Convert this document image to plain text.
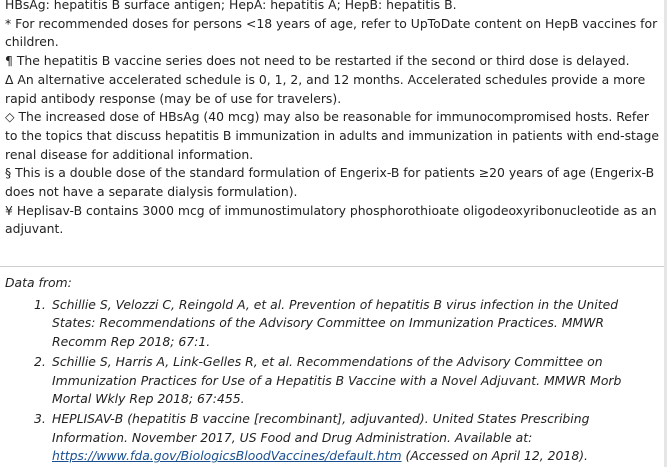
HBsAg: hepatitis B surface antigen; HepA: hepatitis A; HepB: hepatitis B.

* For recommended doses for persons <18 years of age, refer to UpToDate content on HepB vaccines for children.

¶ The hepatitis B vaccine series does not need to be restarted if the second or third dose is delayed.

Δ An alternative accelerated schedule is 0, 1, 2, and 12 months. Accelerated schedules provide a more rapid antibody response (may be of use for travelers).

◇ The increased dose of HBsAg (40 mcg) may also be reasonable for immunocompromised hosts. Refer to the topics that discuss hepatitis B immunization in adults and immunization in patients with end-stage renal disease for additional information.

§ This is a double dose of the standard formulation of Engerix-B for patients ≥20 years of age (Engerix-B does not have a separate dialysis formulation).

¥ Heplisav-B contains 3000 mcg of immunostimulatory phosphorothioate oligodeoxyribonucleotide as an adjuvant.

Data from:

1. Schillie S, Velozzi C, Reingold A, et al. Prevention of hepatitis B virus infection in the United States: Recommendations of the Advisory Committee on Immunization Practices. MMWR Recomm Rep 2018; 67:1.
2. Schillie S, Harris A, Link-Gelles R, et al. Recommendations of the Advisory Committee on Immunization Practices for Use of a Hepatitis B Vaccine with a Novel Adjuvant. MMWR Morb Mortal Wkly Rep 2018; 67:455.
3. HEPLISAV-B (hepatitis B vaccine [recombinant], adjuvanted). United States Prescribing Information. November 2017, US Food and Drug Administration. Available at: https://www.fda.gov/BiologicsBloodVaccines/default.htm (Accessed on April 12, 2018).
